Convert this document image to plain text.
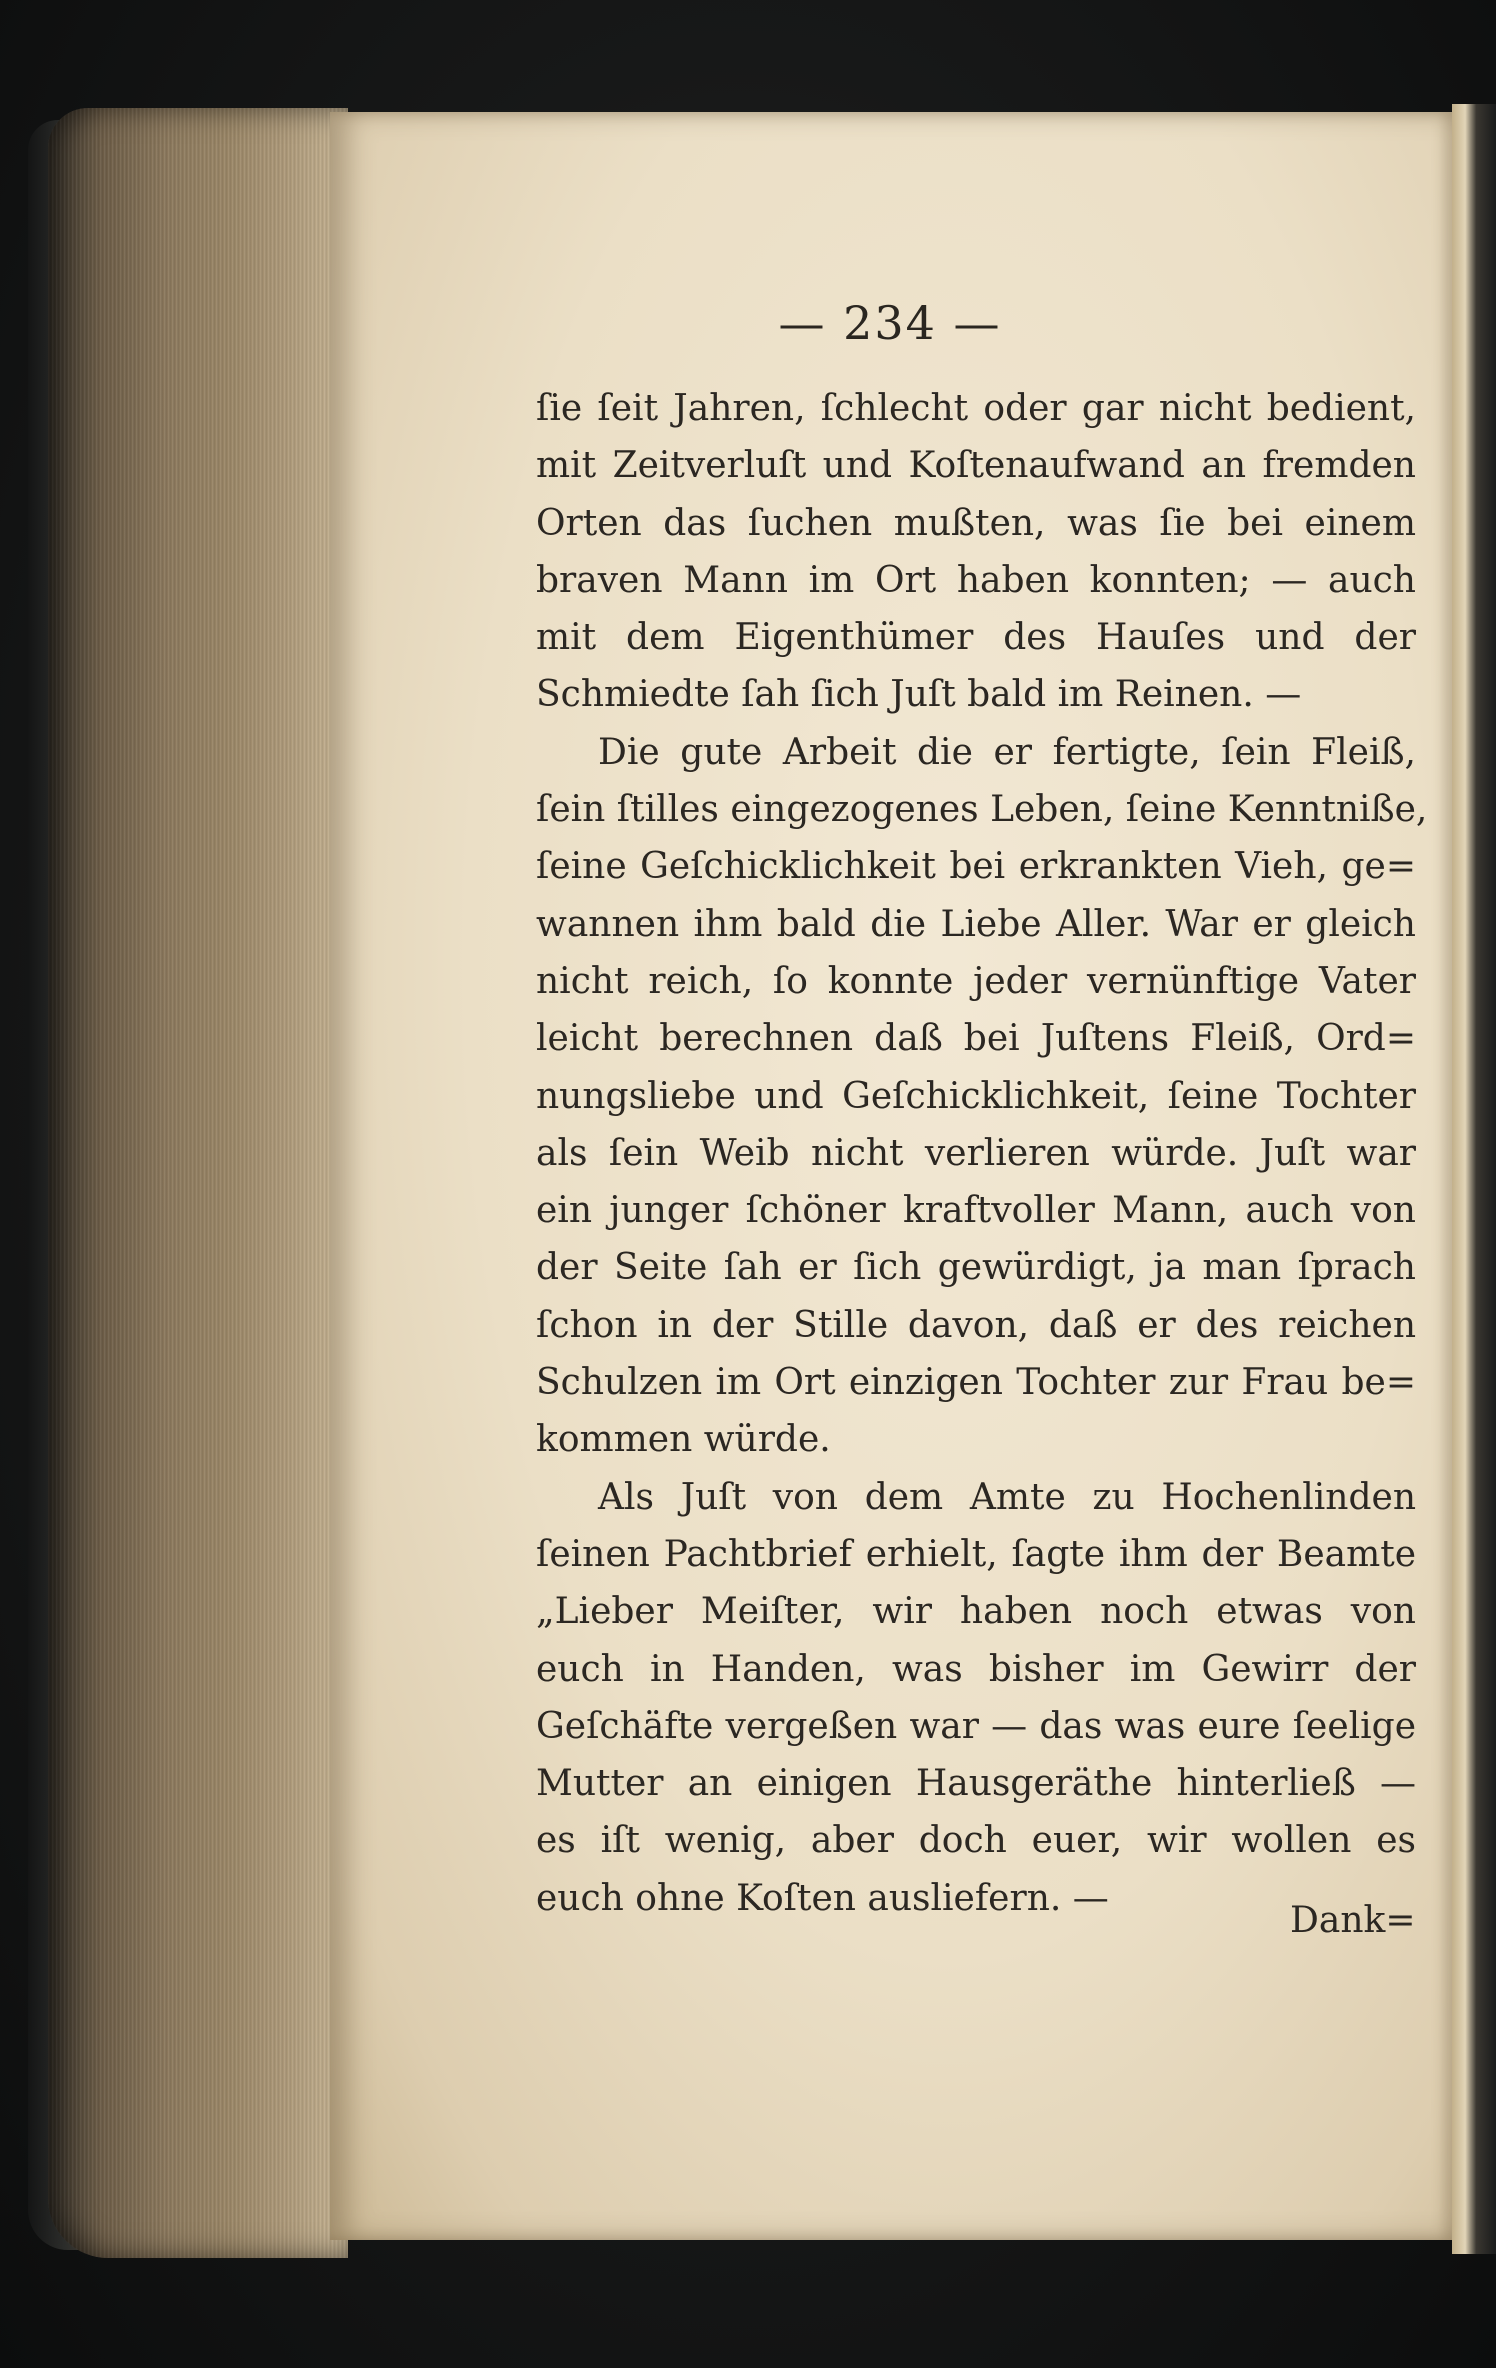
— 234 —
ſie ſeit Jahren, ſchlecht oder gar nicht bedient,
mit Zeitverluſt und Koſtenaufwand an fremden
Orten das ſuchen mußten, was ſie bei einem
braven Mann im Ort haben konnten; — auch
mit dem Eigenthümer des Hauſes und der
Schmiedte ſah ſich Juſt bald im Reinen. —
Die gute Arbeit die er fertigte, ſein Fleiß,
ſein ſtilles eingezogenes Leben, ſeine Kenntniße,
ſeine Geſchicklichkeit bei erkrankten Vieh, ge=
wannen ihm bald die Liebe Aller. War er gleich
nicht reich, ſo konnte jeder vernünftige Vater
leicht berechnen daß bei Juſtens Fleiß, Ord=
nungsliebe und Geſchicklichkeit, ſeine Tochter
als ſein Weib nicht verlieren würde. Juſt war
ein junger ſchöner kraftvoller Mann, auch von
der Seite ſah er ſich gewürdigt, ja man ſprach
ſchon in der Stille davon, daß er des reichen
Schulzen im Ort einzigen Tochter zur Frau be=
kommen würde.
Als Juſt von dem Amte zu Hochenlinden
ſeinen Pachtbrief erhielt, ſagte ihm der Beamte
„Lieber Meiſter, wir haben noch etwas von
euch in Handen, was bisher im Gewirr der
Geſchäfte vergeßen war — das was eure ſeelige
Mutter an einigen Hausgeräthe hinterließ —
es iſt wenig, aber doch euer, wir wollen es
euch ohne Koſten ausliefern. —
Dank=
